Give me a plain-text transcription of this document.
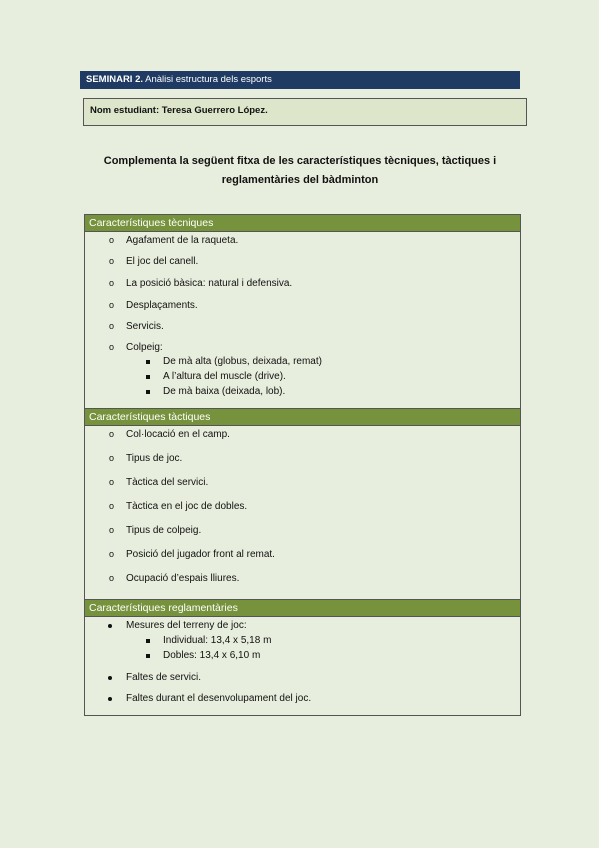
SEMINARI 2. Anàlisi estructura dels esports
Nom estudiant: Teresa Guerrero López.
Complementa la següent fitxa de les característiques tècniques, tàctiques i
reglamentàries del bàdminton
Característiques tècniques
o Agafament de la raqueta.
o El joc del canell.
o La posició bàsica: natural i defensiva.
o Desplaçaments.
o Servicis.
o Colpeig:
De mà alta (globus, deixada, remat)
A l’altura del muscle (drive).
De mà baixa (deixada, lob).
Característiques tàctiques
o Col·locació en el camp.
o Tipus de joc.
o Tàctica del servici.
o Tàctica en el joc de dobles.
o Tipus de colpeig.
o Posició del jugador front al remat.
o Ocupació d’espais lliures.
Característiques reglamentàries
Mesures del terreny de joc:
Individual: 13,4 x 5,18 m
Dobles: 13,4 x 6,10 m
Faltes de servici.
Faltes durant el desenvolupament del joc.
